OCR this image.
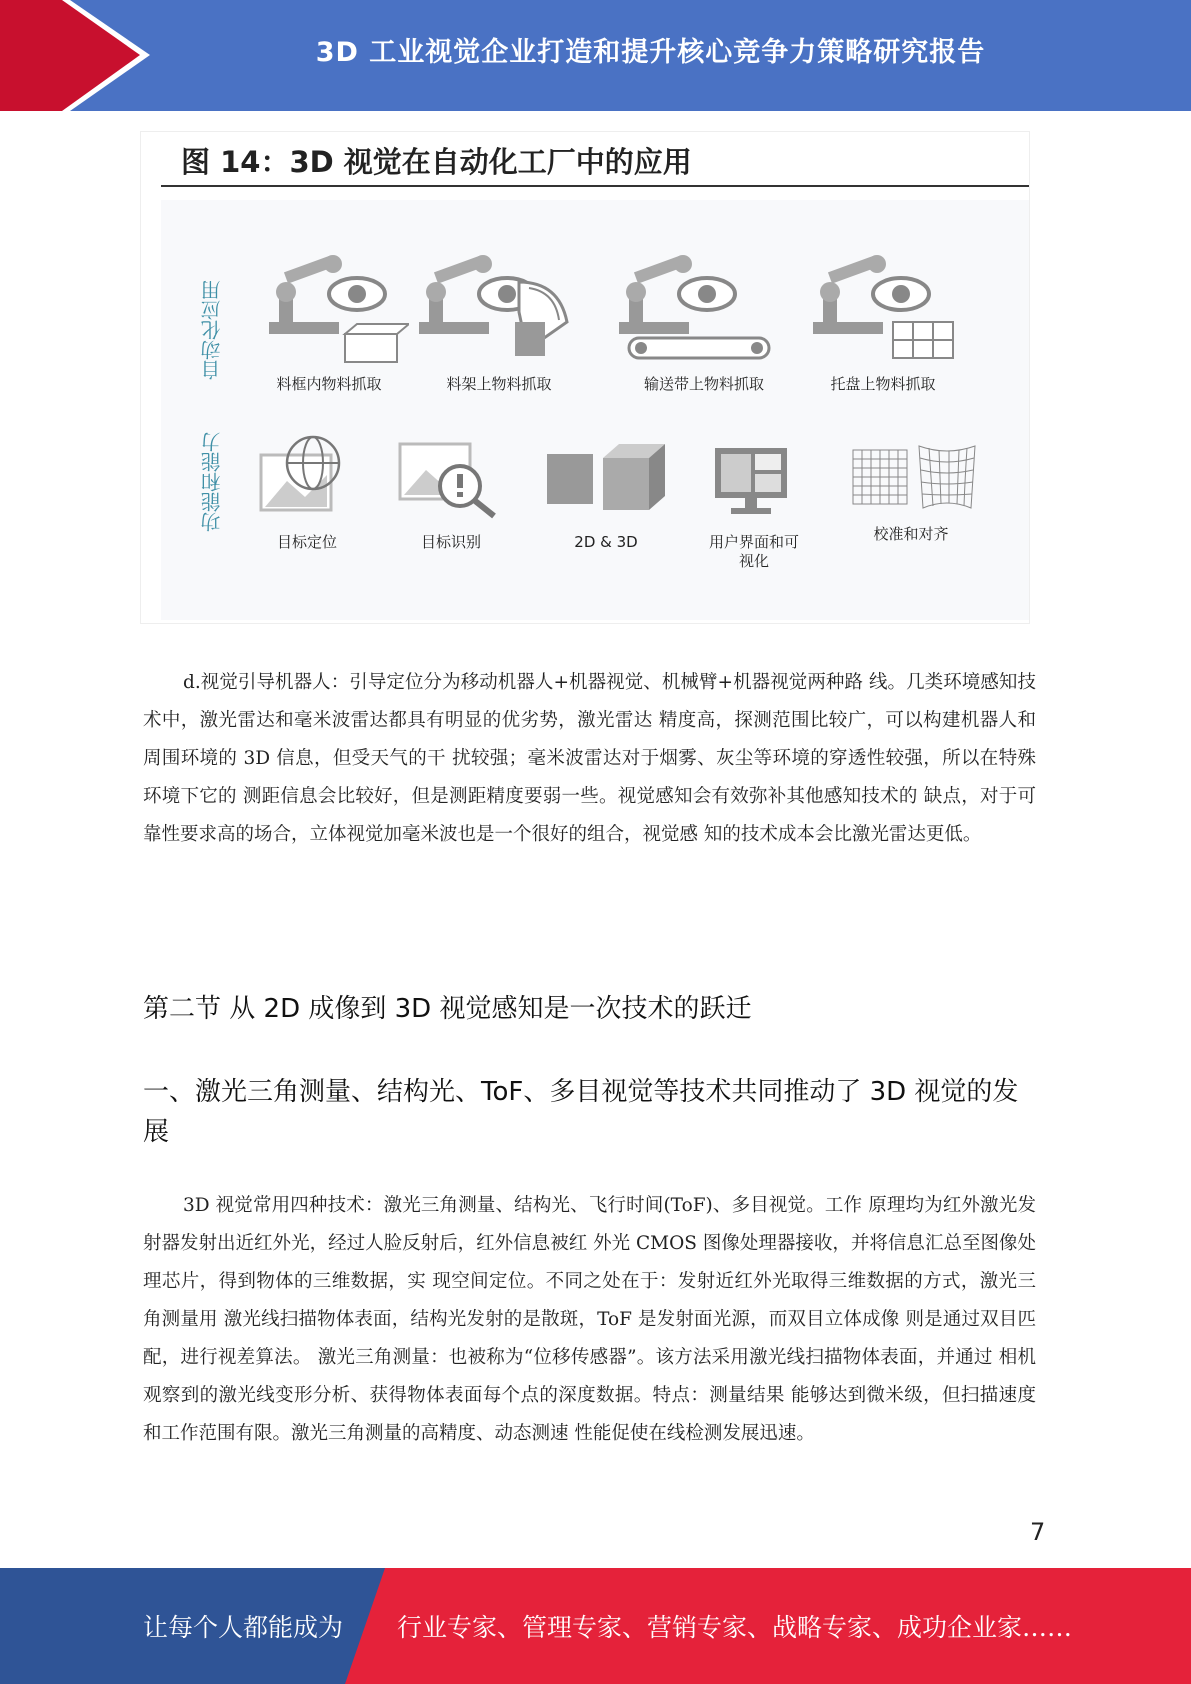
3D 工业视觉企业打造和提升核心竞争力策略研究报告
图 14：3D 视觉在自动化工厂中的应用
自动化应用
功能和能力
料框内物料抓取	料架上物料抓取	输送带上物料抓取	托盘上物料抓取
目标定位	目标识别	2D & 3D	用户界面和可
视化
校准和对齐
d.视觉引导机器人：引导定位分为移动机器人+机器视觉、机械臂+机器视觉两种路 线。几类环境感知技术中，激光雷达和毫米波雷达都具有明显的优劣势，激光雷达 精度高，探测范围比较广，可以构建机器人和周围环境的 3D 信息，但受天气的干 扰较强；毫米波雷达对于烟雾、灰尘等环境的穿透性较强，所以在特殊环境下它的 测距信息会比较好，但是测距精度要弱一些。视觉感知会有效弥补其他感知技术的 缺点，对于可靠性要求高的场合，立体视觉加毫米波也是一个很好的组合，视觉感 知的技术成本会比激光雷达更低。
第二节 从 2D 成像到 3D 视觉感知是一次技术的跃迁
一、激光三角测量、结构光、ToF、多目视觉等技术共同推动了 3D 视觉的发展
3D 视觉常用四种技术：激光三角测量、结构光、飞行时间(ToF)、多目视觉。工作 原理均为红外激光发射器发射出近红外光，经过人脸反射后，红外信息被红 外光 CMOS 图像处理器接收，并将信息汇总至图像处理芯片，得到物体的三维数据，实 现空间定位。不同之处在于：发射近红外光取得三维数据的方式，激光三角测量用 激光线扫描物体表面，结构光发射的是散斑，ToF 是发射面光源，而双目立体成像 则是通过双目匹配，进行视差算法。 激光三角测量：也被称为“位移传感器”。该方法采用激光线扫描物体表面，并通过 相机观察到的激光线变形分析、获得物体表面每个点的深度数据。特点：测量结果 能够达到微米级，但扫描速度和工作范围有限。激光三角测量的高精度、动态测速 性能促使在线检测发展迅速。
7
让每个人都能成为 行业专家、管理专家、营销专家、战略专家、成功企业家……
